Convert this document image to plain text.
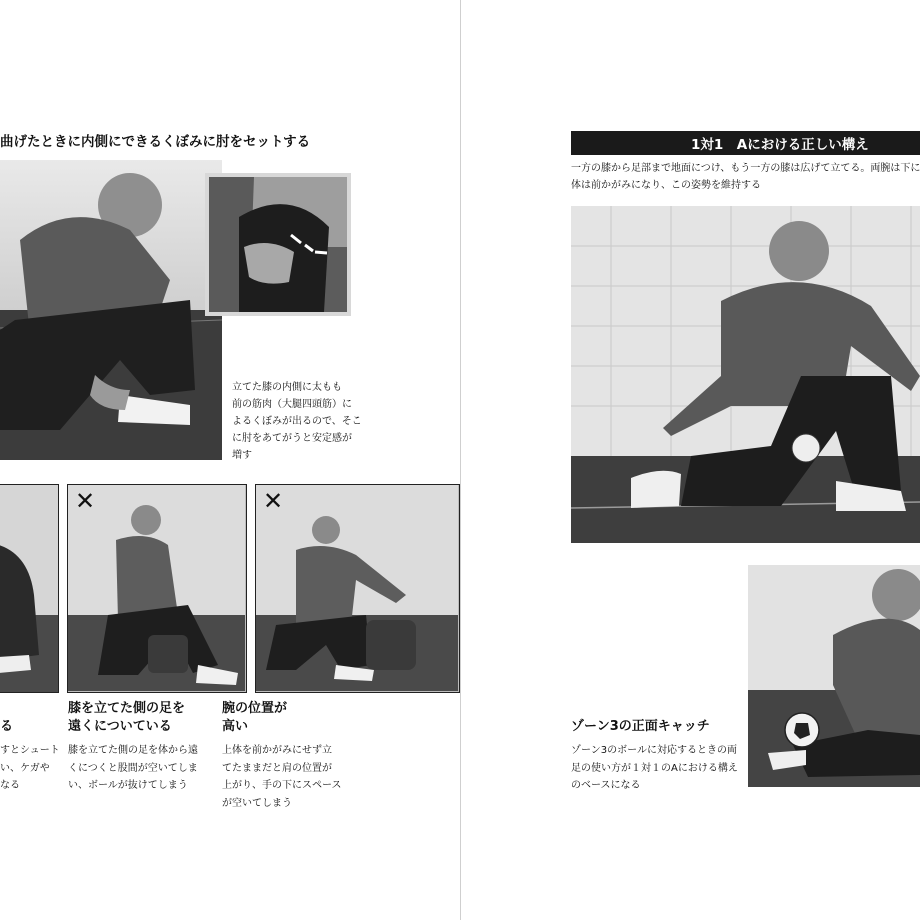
曲げたときに内側にできるくぼみに肘をセットする
立てた膝の内側に太もも
前の筋肉（大腿四頭筋）に
よるくぼみが出るので、そこ
に肘をあてがうと安定感が
増す
✕	✕
る
すとシュート
い、ケガや
なる
膝を立てた側の足を
遠くについている
膝を立てた側の足を体から遠
くにつくと股間が空いてしま
い、ボールが抜けてしまう
腕の位置が
高い
上体を前かがみにせず立
てたままだと肩の位置が
上がり、手の下にスペース
が空いてしまう
1対1　Aにおける正しい構え
一方の膝から足部まで地面につけ、もう一方の膝は広げて立てる。両腕は下に
体は前かがみになり、この姿勢を維持する
ゾーン3の正面キャッチ
ゾーン3のボールに対応するときの両
足の使い方が１対１のAにおける構え
のベースになる
